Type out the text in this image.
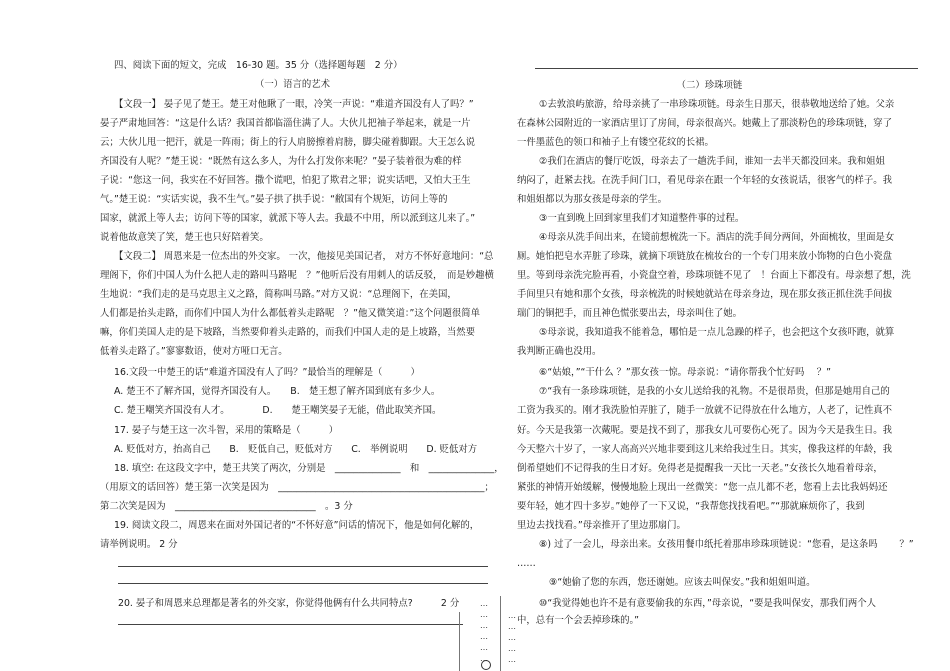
四、阅读下面的短文，完成　16-30 题。35 分（选择题每题　2 分）
（一）语言的艺术
【文段一】 晏子见了楚王。楚王对他瞅了一眼，冷笑一声说：“难道齐国没有人了吗？”
晏子严肃地回答：“这是什么话？我国首都临淄住满了人。大伙儿把袖子举起来，就是一片
云；大伙儿甩一把汗，就是一阵雨；街上的行人肩膀擦着肩膀，脚尖碰着脚跟。大王怎么说
齐国没有人呢？”楚王说：“既然有这么多人，为什么打发你来呢？”晏子装着很为难的样
子说：“您这一问，我实在不好回答。撒个谎吧，怕犯了欺君之罪；说实话吧，又怕大王生
气。”楚王说：“实话实说，我不生气。”晏子拱了拱手说：“敝国有个规矩，访问上等的
国家，就派上等人去；访问下等的国家，就派下等人去。我最不中用，所以派到这儿来了。”
说着他故意笑了笑，楚王也只好陪着笑。
【文段二】 周恩来是一位杰出的外交家。 一次，他接见美国记者， 对方不怀好意地问：“总
理阁下，你们中国人为什么把人走的路叫马路呢　？”他听后没有用刺人的话反驳，　而是妙趣横
生地说：“我们走的是马克思主义之路，简称叫马路。”对方又说：“总理阁下，在美国，
人们都是抬头走路，而你们中国人为什么都低着头走路呢　？”他又微笑道：”这个问题很简单
嘛，你们美国人走的是下坡路，当然要仰着头走路的，而我们中国人走的是上坡路，当然要
低着头走路了。”寥寥数语，使对方哑口无言。
16.文段一中楚王的话“难道齐国没有人了吗？”最恰当的理解是（　　　）
A. 楚王不了解齐国，觉得齐国没有人。　　B.　楚王想了解齐国到底有多少人。
C. 楚王嘲笑齐国没有人才。　　　　D.　　楚王嘲笑晏子无能，借此取笑齐国。
17. 晏子与楚王这一次斗智，采用的策略是（　　　）
A. 贬低对方，抬高自己　　B.　贬低自己，贬低对方　　C.　举例说明　　D. 贬低对方
18. 填空: 在这段文字中，楚王共笑了两次，分别是　______________　和　______________，
（用原文的话回答）楚王第一次笑是因为　____________________________________________；
第二次笑是因为　______________________________　。3 分
19. 阅读文段二，周恩来在面对外国记者的“不怀好意”问话的情况下，他是如何化解的，
请举例说明。 2 分
20. 晏子和周恩来总理都是著名的外交家，你觉得他俩有什么共同特点?　　　2 分	…
…
…
…
…
…
…
…
…
…
…
（二）珍珠项链
①去敦浪屿旅游，给母亲挑了一串珍珠项链。母亲生日那天，很恭敬地送给了她。父亲
在森林公园附近的一家酒店里订了房间，母亲很高兴。她戴上了那淡粉色的珍珠项链，穿了
一件墨蓝色的领口和袖子上有镂空花纹的长裙。
②我们在酒店的餐厅吃饭，母亲去了一趟洗手间，谁知一去半天都没回来。我和姐姐
纳闷了，赶紧去找。在洗手间门口，看见母亲在跟一个年轻的女孩说话，很客气的样子。我
和姐姐都以为那女孩是母亲的学生。
③一直到晚上回到家里我们才知道整件事的过程。
④母亲从洗手间出来，在镜前想梳洗一下。酒店的洗手间分两间，外面梳妆，里面是女
厕。她怕把皂水弄脏了珍珠，就摘下项链放在梳妆台的一个专门用来放小饰物的白色小瓷盘
里。等到母亲洗完脸再看，小瓷盘空着，珍珠项链不见了　！台面上下都没有。母亲想了想，洗
手间里只有她和那个女孩，母亲梳洗的时候她就站在母亲身边，现在那女孩正抓住洗手间拔
瑞门的铜把手，而且神色慌张要出去，母亲叫住了她。
⑤母亲说，我知道我不能着急，哪怕是一点儿急躁的样子，也会把这个女孩吓跑，就算
我判断正确也没用。
⑥“姑娘，”“干什么 ？”那女孩一惊。母亲说：“请你帮我个忙好吗　 ？”
⑦“我有一条珍珠项链，是我的小女儿送给我的礼物。不是很昂贵，但那是她用自己的
工资为我买的。刚才我洗脸怕弄脏了，随手一放就不记得放在什么地方，人老了，记性真不
好。今天是我第一次戴呢。要是找不到了，那我女儿可要伤心死了。因为今天是我生日。我
今天整六十岁了，一家人高高兴兴地非要到这儿来给我过生日。其实，像我这样的年龄，我
倒希望她们不记得我的生日才好。免得老是提醒我一天比一天老。”女孩长久地看着母亲，
紧张的神情开始缓解，慢慢地脸上现出一丝微笑：“您一点儿都不老，您看上去比我妈妈还
要年轻，她才四十多岁。”她停了一下又说，“我帮您找找看吧。”“那就麻烦你了，我到
里边去找找看。”母亲推开了里边那扇门。
⑧) 过了一会儿，母亲出来。女孩用餐巾纸托着那串珍珠项链说：“您看，是这条吗　　 ？”
……
⑨“她偷了您的东西，您还谢她。应该去叫保安。”我和姐姐叫道。
⑩“我觉得她也许不是有意要偷我的东西，”母亲说，“要是我叫保安，那我们两个人
中，总有一个会丢掉珍珠的。”
